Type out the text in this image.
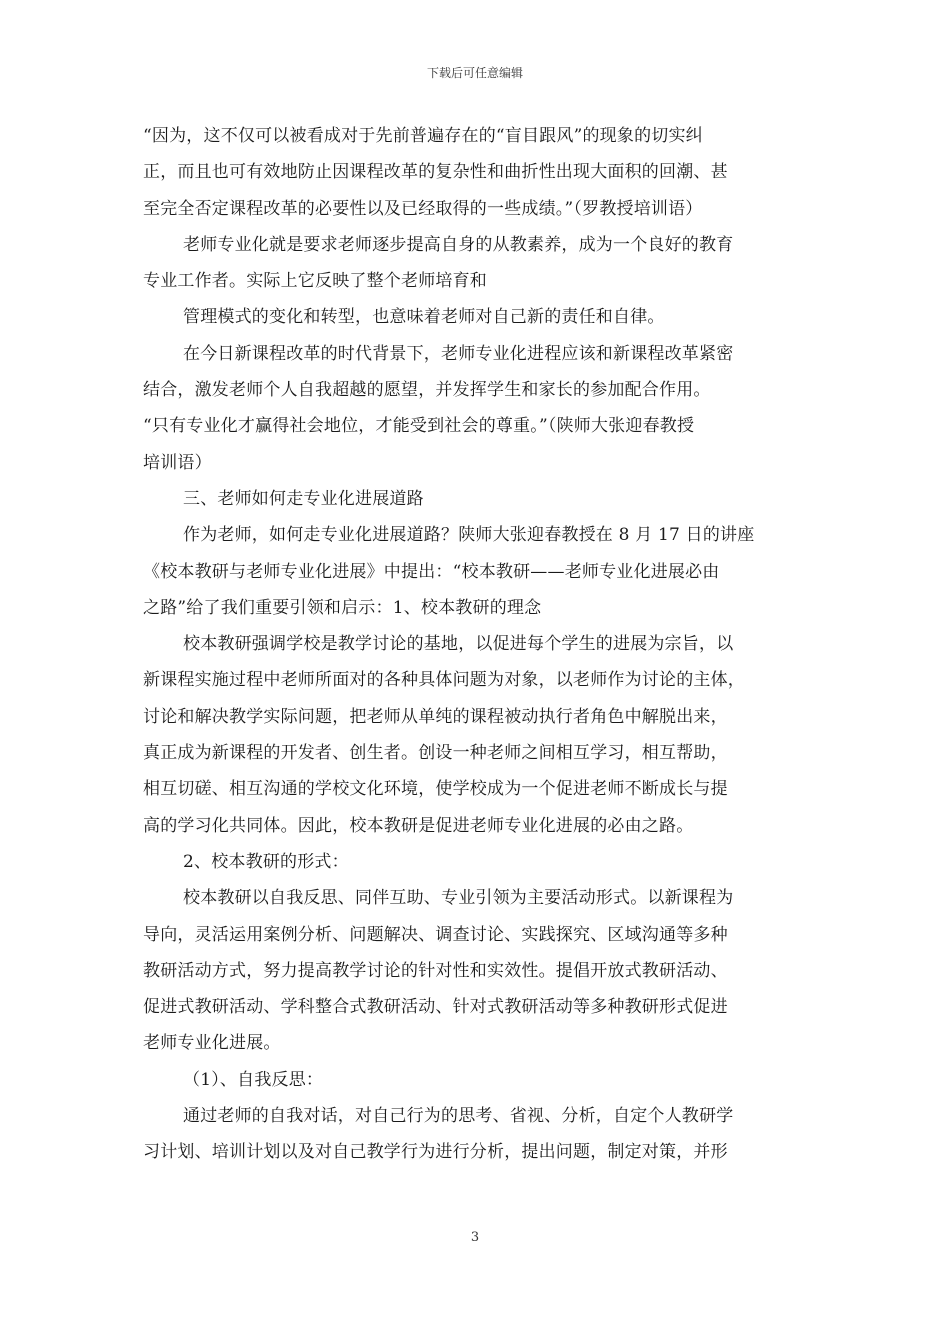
下载后可任意编辑
“因为，这不仅可以被看成对于先前普遍存在的“盲目跟风”的现象的切实纠
正，而且也可有效地防止因课程改革的复杂性和曲折性出现大面积的回潮、甚
至完全否定课程改革的必要性以及已经取得的一些成绩。”（罗教授培训语）
老师专业化就是要求老师逐步提高自身的从教素养，成为一个良好的教育
专业工作者。实际上它反映了整个老师培育和
管理模式的变化和转型，也意味着老师对自己新的责任和自律。
在今日新课程改革的时代背景下，老师专业化进程应该和新课程改革紧密
结合，激发老师个人自我超越的愿望，并发挥学生和家长的参加配合作用。
“只有专业化才赢得社会地位，才能受到社会的尊重。”（陕师大张迎春教授
培训语）
三、老师如何走专业化进展道路
作为老师，如何走专业化进展道路？陕师大张迎春教授在 8 月 17 日的讲座
《校本教研与老师专业化进展》中提出：“校本教研——老师专业化进展必由
之路”给了我们重要引领和启示：1、校本教研的理念
校本教研强调学校是教学讨论的基地，以促进每个学生的进展为宗旨，以
新课程实施过程中老师所面对的各种具体问题为对象，以老师作为讨论的主体，
讨论和解决教学实际问题，把老师从单纯的课程被动执行者角色中解脱出来，
真正成为新课程的开发者、创生者。创设一种老师之间相互学习，相互帮助，
相互切磋、相互沟通的学校文化环境，使学校成为一个促进老师不断成长与提
高的学习化共同体。因此，校本教研是促进老师专业化进展的必由之路。
2、校本教研的形式：
校本教研以自我反思、同伴互助、专业引领为主要活动形式。以新课程为
导向，灵活运用案例分析、问题解决、调查讨论、实践探究、区域沟通等多种
教研活动方式，努力提高教学讨论的针对性和实效性。提倡开放式教研活动、
促进式教研活动、学科整合式教研活动、针对式教研活动等多种教研形式促进
老师专业化进展。
（1）、自我反思：
通过老师的自我对话，对自己行为的思考、省视、分析，自定个人教研学
习计划、培训计划以及对自己教学行为进行分析，提出问题，制定对策，并形
3
